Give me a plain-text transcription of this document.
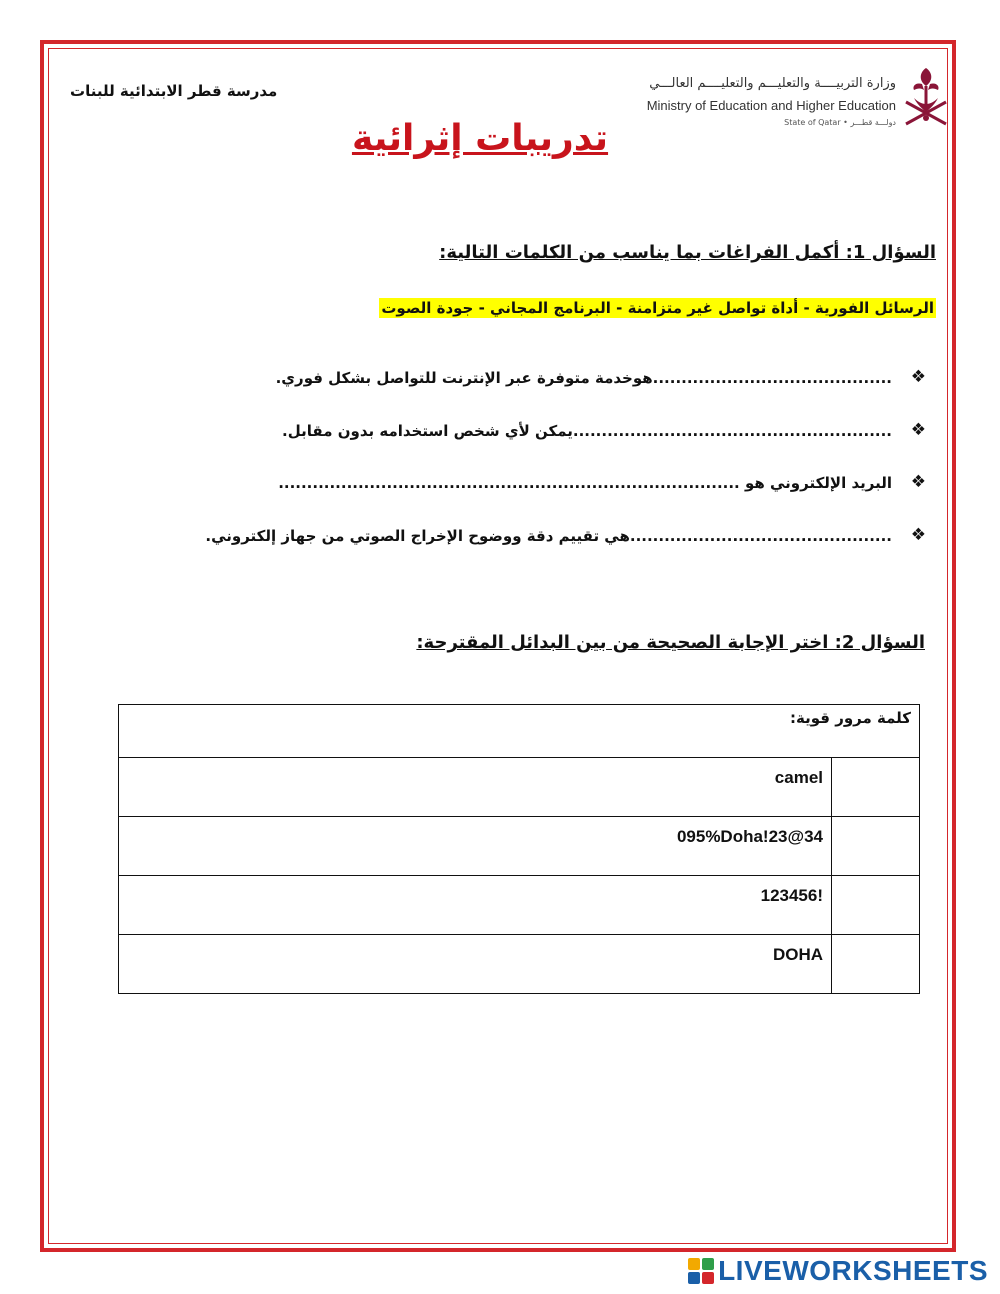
مدرسة قطر الابتدائية للبنات	وزارة التربيــــة والتعليـــم والتعليــــم العالـــي
Ministry of Education and Higher Education
State of Qatar • دولـــة قطـــر
تدريبات إثرائية
السؤال 1: أكمل الفراغات بما يناسب من الكلمات التالية:
الرسائل الفورية - أداة تواصل غير متزامنة - البرنامج المجاني - جودة الصوت
❖
..........................................هوخدمة متوفرة عبر الإنترنت للتواصل بشكل فوري.
❖
........................................................يمكن لأي شخص استخدامه بدون مقابل.
❖
البريد الإلكتروني هو .................................................................................
❖
..............................................هي تقييم دقة ووضوح الإخراج الصوتي من جهاز إلكتروني.
السؤال 2: اختر الإجابة الصحيحة من بين البدائل المقترحة:
كلمة مرور قوية:	
camel	
095%Doha!23@34	
123456!	
DOHA	
LIVEWORKSHEETS
